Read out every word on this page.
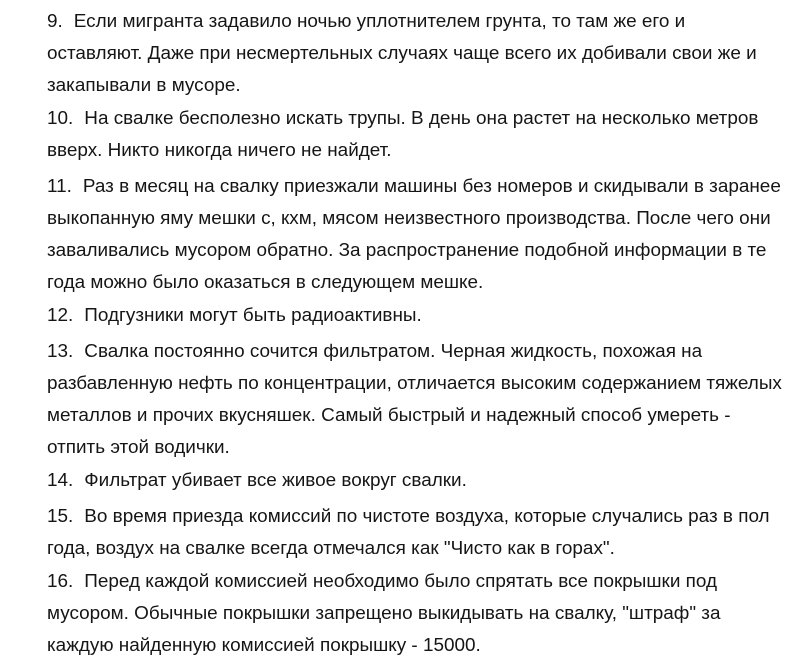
9. Если мигранта задавило ночью уплотнителем грунта, то там же его и
оставляют. Даже при несмертельных случаях чаще всего их добивали свои же и
закапывали в мусоре.
10. На свалке бесполезно искать трупы. В день она растет на несколько метров
вверх. Никто никогда ничего не найдет.
11. Раз в месяц на свалку приезжали машины без номеров и скидывали в заранее
выкопанную яму мешки с, кхм, мясом неизвестного производства. После чего они
заваливались мусором обратно. За распространение подобной информации в те
года можно было оказаться в следующем мешке.
12. Подгузники могут быть радиоактивны.
13. Свалка постоянно сочится фильтратом. Черная жидкость, похожая на
разбавленную нефть по концентрации, отличается высоким содержанием тяжелых
металлов и прочих вкусняшек. Самый быстрый и надежный способ умереть -
отпить этой водички.
14. Фильтрат убивает все живое вокруг свалки.
15. Во время приезда комиссий по чистоте воздуха, которые случались раз в пол
года, воздух на свалке всегда отмечался как "Чисто как в горах".
16. Перед каждой комиссией необходимо было спрятать все покрышки под
мусором. Обычные покрышки запрещено выкидывать на свалку, "штраф" за
каждую найденную комиссией покрышку - 15000.
